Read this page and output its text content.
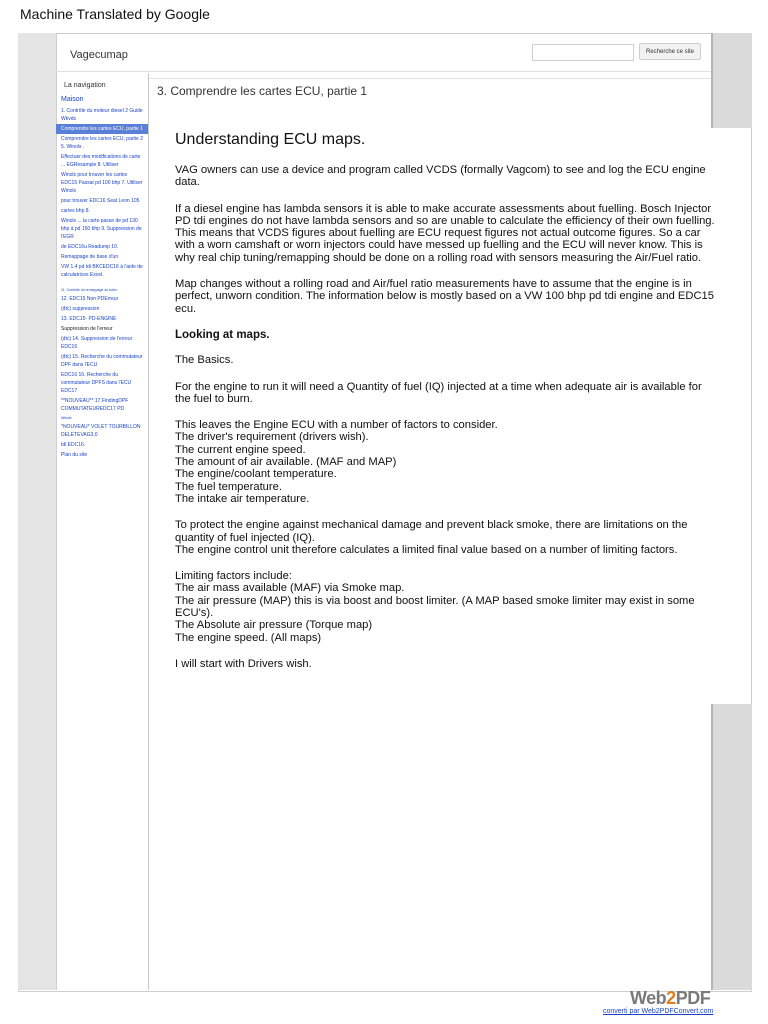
Machine Translated by Google
Vagecumap	Recherche ce site
La navigation
Maison
1. Contrôle du moteur diesel 2 Guide Wkvds
Comprendre les cartes ECU, partie 1
Comprendre les cartes ECU, partie 2 5. Winols .
Effectuer des modifications de carte ... EGResample 8. Utiliser
Winols pour trouver les cartes EDC15 Passat pd 100 bhp 7. Utiliser Winols
pour trouver EDC16 Seat Leon 105
cartes bhp 8.
Winols ... la carte passe de pd 130 bhp à pd 150 bhp 9. Suppression de l'EGR
de EDC16u Readump 10.
Remappage de base d'un
VW 1.4 pd tdi BKCEDC16 à l'aide de calculatrices Excel.
11. Contrôle du remappage du turbo
12. EDC15 Non PDErreur
(dtc) suppression
13. EDC15- PD-ENGINE
Suppression de l'erreur
(dtc) 14. Suppression de l'erreur EDC16
(dtc) 15. Recherche du commutateur DPF dans l'ECU
EDC16 16. Recherche du commutateur DPFS dans l'ECU EDC17
**NOUVEAU** 17.FindingDPF COMMUTATEUREDC17 PD
Winols
*NOUVEAU* VOLET TOURBILLON DELETEVAG3.0
tdi EDC16.
Plan du site
3. Comprendre les cartes ECU, partie 1
Understanding ECU maps.

VAG owners can use a device and program called VCDS (formally Vagcom) to see and log the ECU engine data.

If a diesel engine has lambda sensors it is able to make accurate assessments about fuelling. Bosch Injector PD tdi engines do not have lambda sensors and so are unable to calculate the efficiency of their own fuelling. This means that VCDS figures about fuelling are ECU request figures not actual outcome figures. So a car with a worn camshaft or worn injectors could have messed up fuelling and the ECU will never know. This is why real chip tuning/remapping should be done on a rolling road with sensors measuring the Air/Fuel ratio.

Map changes without a rolling road and Air/fuel ratio measurements have to assume that the engine is in perfect, unworn condition. The information below is mostly based on a VW 100 bhp pd tdi engine and EDC15 ecu.

Looking at maps.

The Basics.

For the engine to run it will need a Quantity of fuel (IQ) injected at a time when adequate air is available for the fuel to burn.

This leaves the Engine ECU with a number of factors to consider.
The driver's requirement (drivers wish).
The current engine speed.
The amount of air available. (MAF and MAP)
The engine/coolant temperature.
The fuel temperature.
The intake air temperature.

To protect the engine against mechanical damage and prevent black smoke, there are limitations on the quantity of fuel injected (IQ).
The engine control unit therefore calculates a limited final value based on a number of limiting factors.

Limiting factors include:
The air mass available (MAF) via Smoke map.
The air pressure (MAP) this is via boost and boost limiter. (A MAP based smoke limiter may exist in some ECU's).
The Absolute air pressure (Torque map)
The engine speed. (All maps)

I will start with Drivers wish.

Web2PDF
converti par Web2PDFConvert.com
